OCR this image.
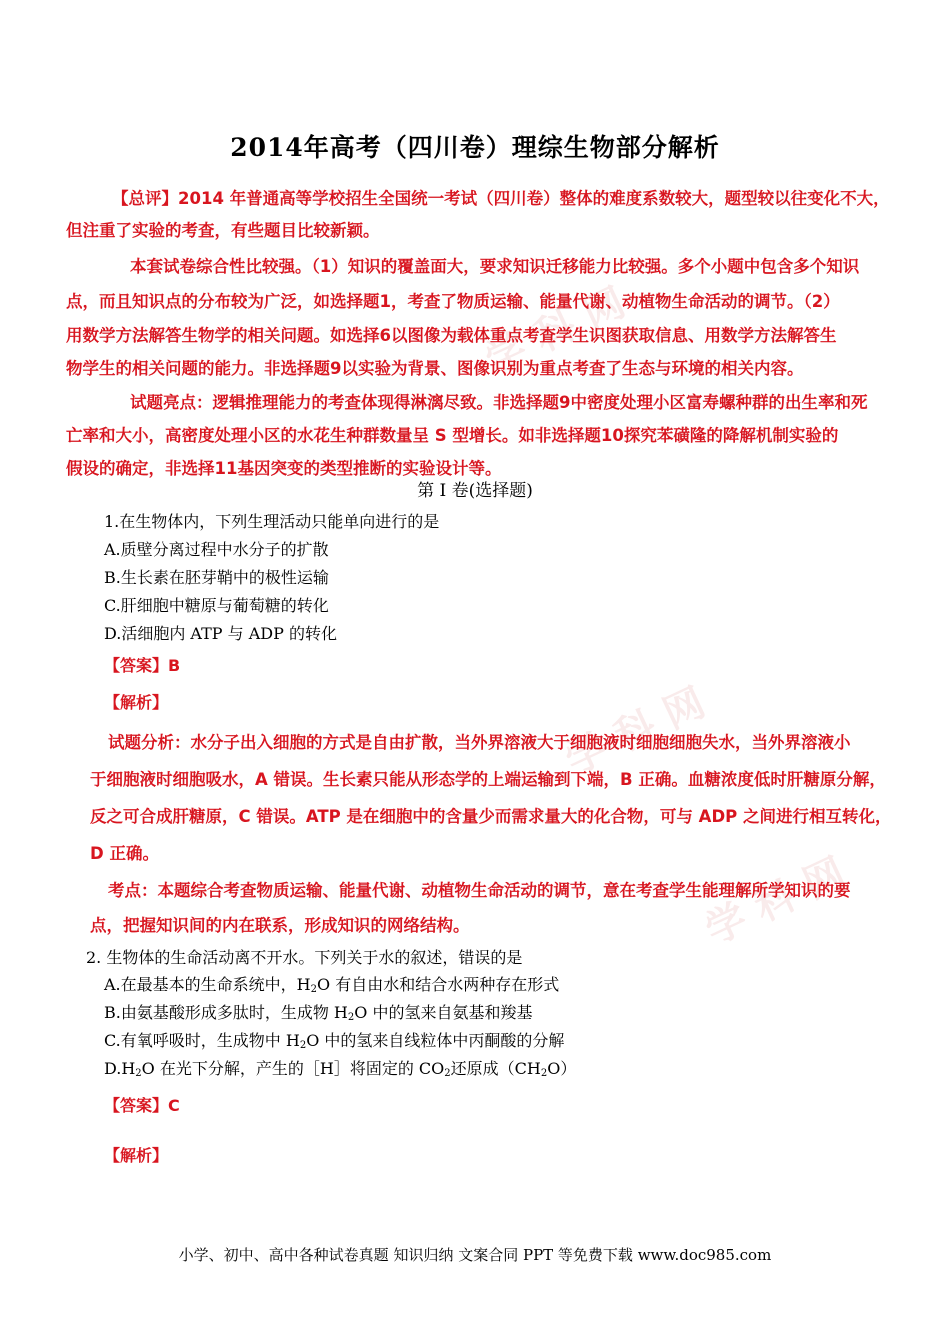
学 科 网
学 科 网
学 科 网
2014年高考（四川卷）理综生物部分解析
【总评】2014 年普通高等学校招生全国统一考试（四川卷）整体的难度系数较大，题型较以往变化不大，
但注重了实验的考查，有些题目比较新颖。
本套试卷综合性比较强。（1）知识的覆盖面大，要求知识迁移能力比较强。多个小题中包含多个知识
点，而且知识点的分布较为广泛，如选择题1，考查了物质运输、能量代谢、动植物生命活动的调节。（2）
用数学方法解答生物学的相关问题。如选择6以图像为载体重点考查学生识图获取信息、用数学方法解答生
物学生的相关问题的能力。非选择题9以实验为背景、图像识别为重点考查了生态与环境的相关内容。
试题亮点：逻辑推理能力的考查体现得淋漓尽致。非选择题9中密度处理小区富寿螺种群的出生率和死
亡率和大小，高密度处理小区的水花生种群数量呈 S 型增长。如非选择题10探究苯磺隆的降解机制实验的
假设的确定，非选择11基因突变的类型推断的实验设计等。
第 I 卷(选择题)
1.在生物体内，下列生理活动只能单向进行的是
A.质壁分离过程中水分子的扩散
B.生长素在胚芽鞘中的极性运输
C.肝细胞中糖原与葡萄糖的转化
D.活细胞内 ATP 与 ADP 的转化
【答案】B
【解析】
试题分析：水分子出入细胞的方式是自由扩散，当外界溶液大于细胞液时细胞细胞失水，当外界溶液小
于细胞液时细胞吸水，A 错误。生长素只能从形态学的上端运输到下端，B 正确。血糖浓度低时肝糖原分解，
反之可合成肝糖原，C 错误。ATP 是在细胞中的含量少而需求量大的化合物，可与 ADP 之间进行相互转化，
D 正确。
考点：本题综合考查物质运输、能量代谢、动植物生命活动的调节，意在考查学生能理解所学知识的要
点，把握知识间的内在联系，形成知识的网络结构。
2. 生物体的生命活动离不开水。下列关于水的叙述，错误的是
A.在最基本的生命系统中，$H_2O$ 有自由水和结合水两种存在形式
B.由氨基酸形成多肽时，生成物 $H_2O$ 中的氢来自氨基和羧基
C.有氧呼吸时，生成物中 $H_2O$ 中的氢来自线粒体中丙酮酸的分解
$D.H_2O$ 在光下分解，产生的［H］将固定的 $CO_2$还原成$(CH_2O)$
【答案】C
【解析】
小学、初中、高中各种试卷真题 知识归纳 文案合同 PPT 等免费下载 www.doc985.com
